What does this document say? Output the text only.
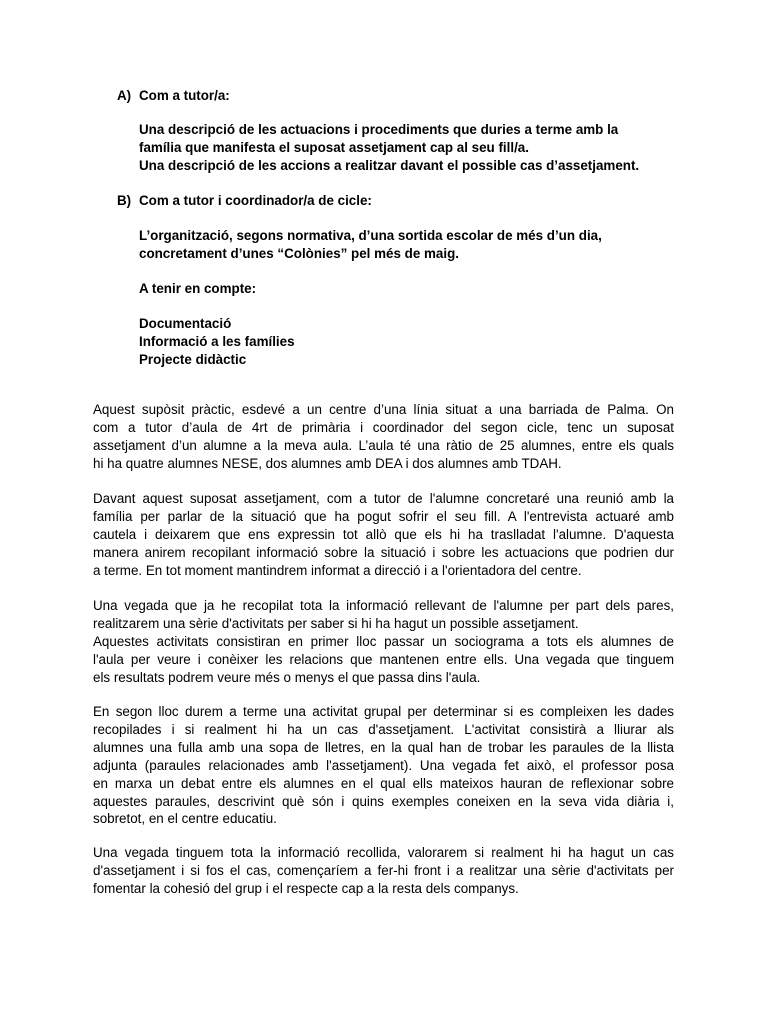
A) Com a tutor/a:
Una descripció de les actuacions i procediments que duries a terme amb la
família que manifesta el suposat assetjament cap al seu fill/a.
Una descripció de les accions a realitzar davant el possible cas d’assetjament.
B) Com a tutor i coordinador/a de cicle:
L’organització, segons normativa, d’una sortida escolar de més d’un dia,
concretament d’unes “Colònies” pel més de maig.
A tenir en compte:
Documentació
Informació a les famílies
Projecte didàctic
Aquest supòsit pràctic, esdevé a un centre d’una línia situat a una barriada de Palma. On
com a tutor d’aula de 4rt de primària i coordinador del segon cicle, tenc un suposat
assetjament d’un alumne a la meva aula. L’aula té una ràtio de 25 alumnes, entre els quals
hi ha quatre alumnes NESE, dos alumnes amb DEA i dos alumnes amb TDAH.
Davant aquest suposat assetjament, com a tutor de l'alumne concretaré una reunió amb la
família per parlar de la situació que ha pogut sofrir el seu fill. A l'entrevista actuaré amb
cautela i deixarem que ens expressin tot allò que els hi ha traslladat l'alumne. D'aquesta
manera anirem recopilant informació sobre la situació i sobre les actuacions que podrien dur
a terme. En tot moment mantindrem informat a direcció i a l'orientadora del centre.
Una vegada que ja he recopilat tota la informació rellevant de l'alumne per part dels pares,
realitzarem una sèrie d'activitats per saber si hi ha hagut un possible assetjament.
Aquestes activitats consistiran en primer lloc passar un sociograma a tots els alumnes de
l'aula per veure i conèixer les relacions que mantenen entre ells. Una vegada que tinguem
els resultats podrem veure més o menys el que passa dins l'aula.
En segon lloc durem a terme una activitat grupal per determinar si es compleixen les dades
recopilades i si realment hi ha un cas d'assetjament. L'activitat consistirà a lliurar als
alumnes una fulla amb una sopa de lletres, en la qual han de trobar les paraules de la llista
adjunta (paraules relacionades amb l'assetjament). Una vegada fet això, el professor posa
en marxa un debat entre els alumnes en el qual ells mateixos hauran de reflexionar sobre
aquestes paraules, descrivint què són i quins exemples coneixen en la seva vida diària i,
sobretot, en el centre educatiu.
Una vegada tinguem tota la informació recollida, valorarem si realment hi ha hagut un cas
d'assetjament i si fos el cas, començaríem a fer-hi front i a realitzar una sèrie d'activitats per
fomentar la cohesió del grup i el respecte cap a la resta dels companys.
